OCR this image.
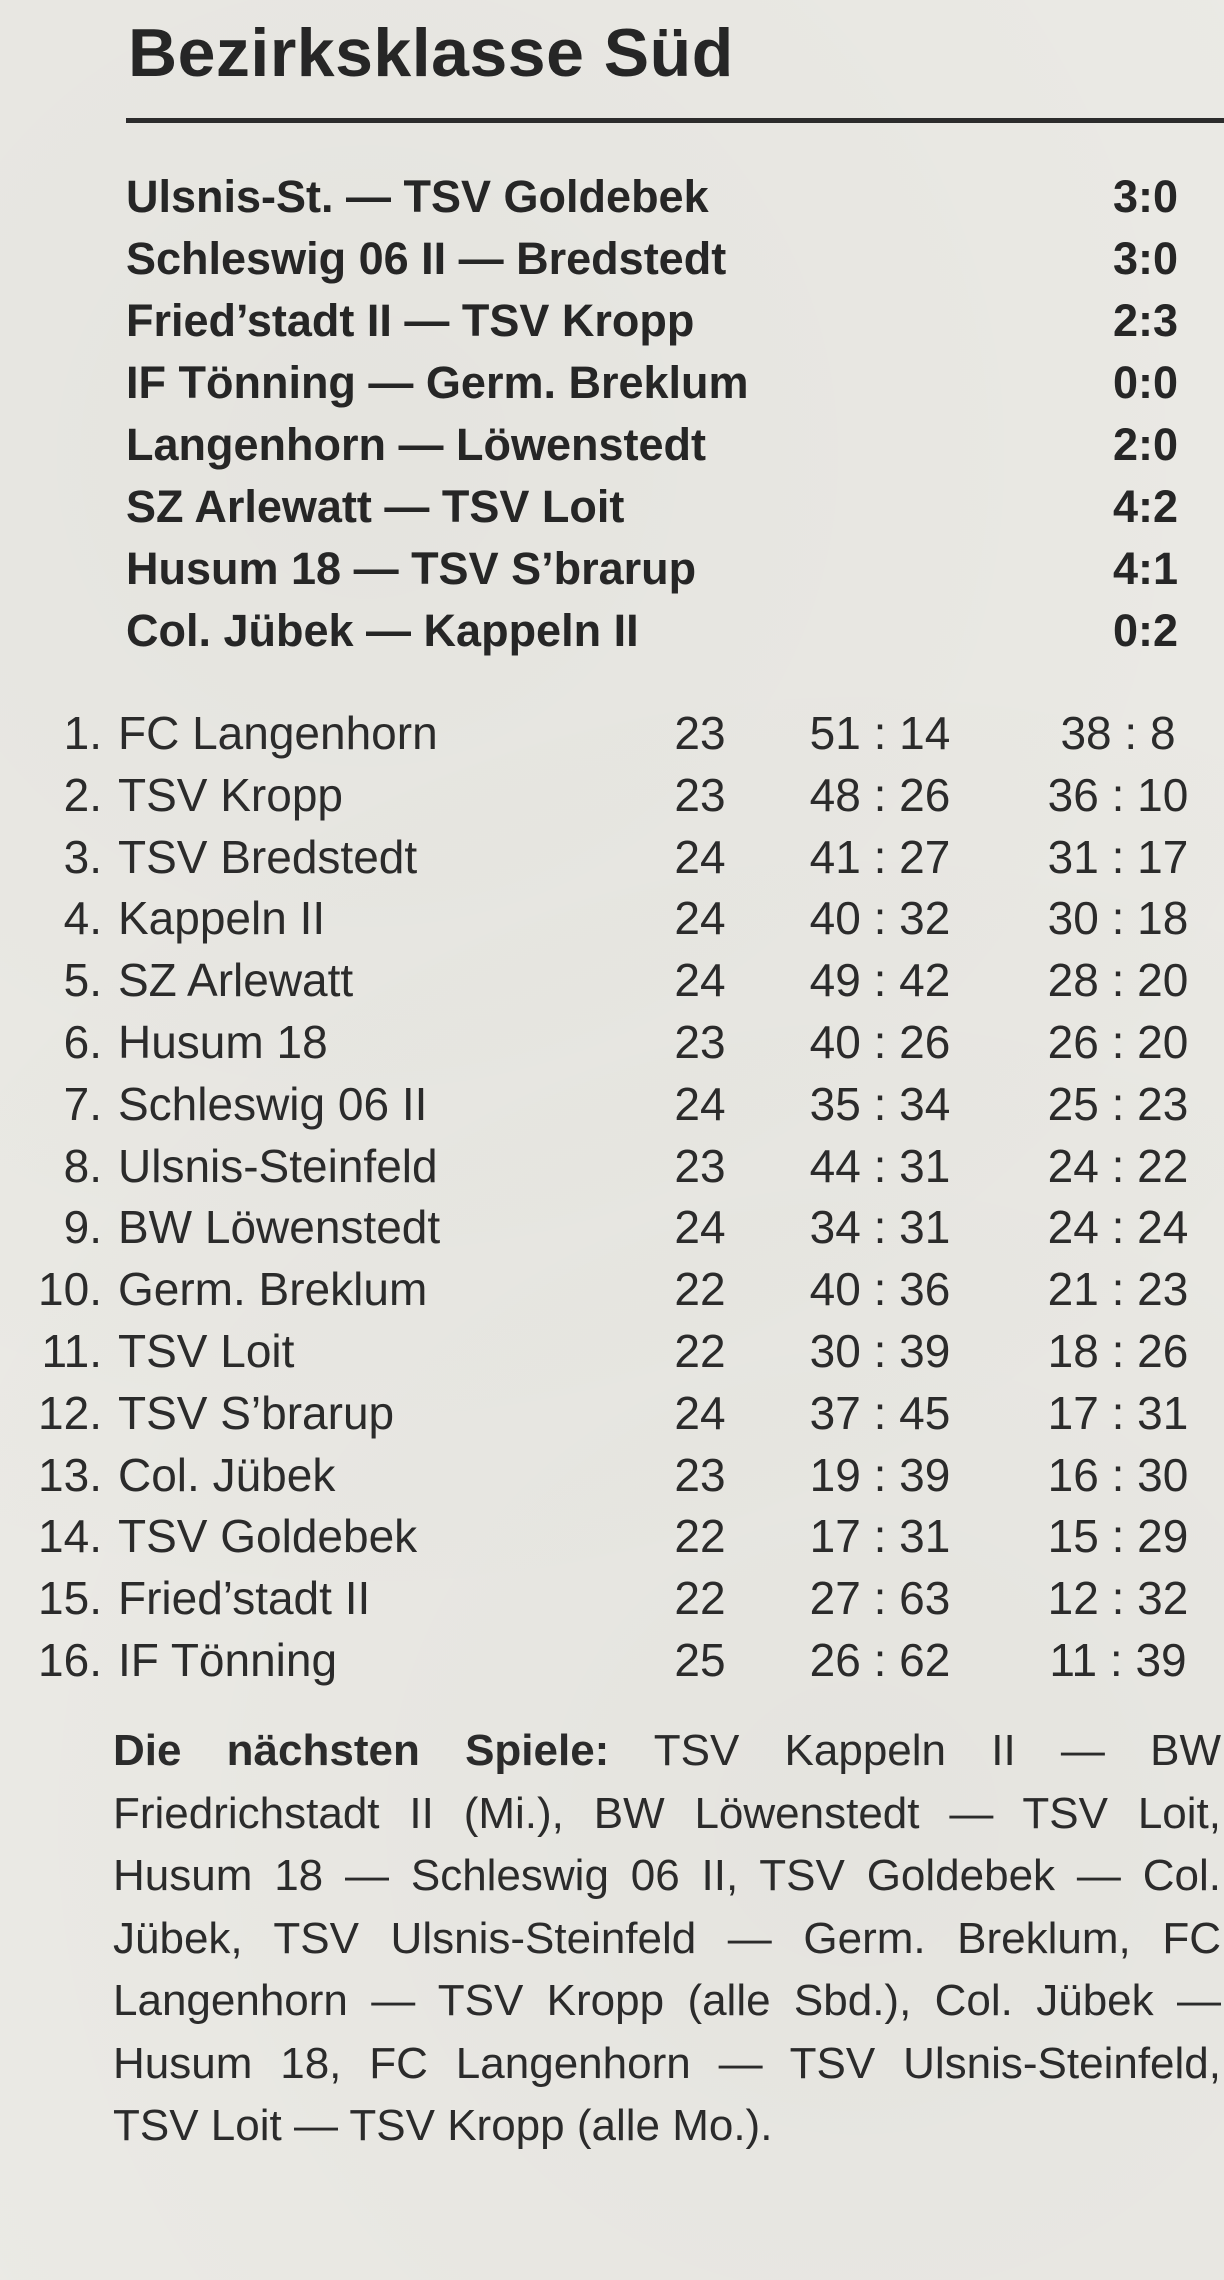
Bezirksklasse Süd
Ulsnis-St. — TSV Goldebek	3:0
Schleswig 06 II — Bredstedt	3:0
Fried’stadt II — TSV Kropp	2:3
IF Tönning — Germ. Breklum	0:0
Langenhorn — Löwenstedt	2:0
SZ Arlewatt — TSV Loit	4:2
Husum 18 — TSV S’brarup	4:1
Col. Jübek — Kappeln II	0:2
1. FC Langenhorn	23	51 : 14	38 : 8
2. TSV Kropp	23	48 : 26	36 : 10
3. TSV Bredstedt	24	41 : 27	31 : 17
4. Kappeln II	24	40 : 32	30 : 18
5. SZ Arlewatt	24	49 : 42	28 : 20
6. Husum 18	23	40 : 26	26 : 20
7. Schleswig 06 II	24	35 : 34	25 : 23
8. Ulsnis-Steinfeld	23	44 : 31	24 : 22
9. BW Löwenstedt	24	34 : 31	24 : 24
10. Germ. Breklum	22	40 : 36	21 : 23
11. TSV Loit	22	30 : 39	18 : 26
12. TSV S’brarup	24	37 : 45	17 : 31
13. Col. Jübek	23	19 : 39	16 : 30
14. TSV Goldebek	22	17 : 31	15 : 29
15. Fried’stadt II	22	27 : 63	12 : 32
16. IF Tönning	25	26 : 62	11 : 39
Die nächsten Spiele: TSV Kappeln II — BW Friedrichstadt II (Mi.), BW Löwenstedt — TSV Loit, Husum 18 — Schleswig 06 II, TSV Goldebek — Col. Jübek, TSV Ulsnis-Steinfeld — Germ. Breklum, FC Langenhorn — TSV Kropp (alle Sbd.), Col. Jübek — Husum 18, FC Langenhorn — TSV Ulsnis-Steinfeld, TSV Loit — TSV Kropp (alle Mo.).
